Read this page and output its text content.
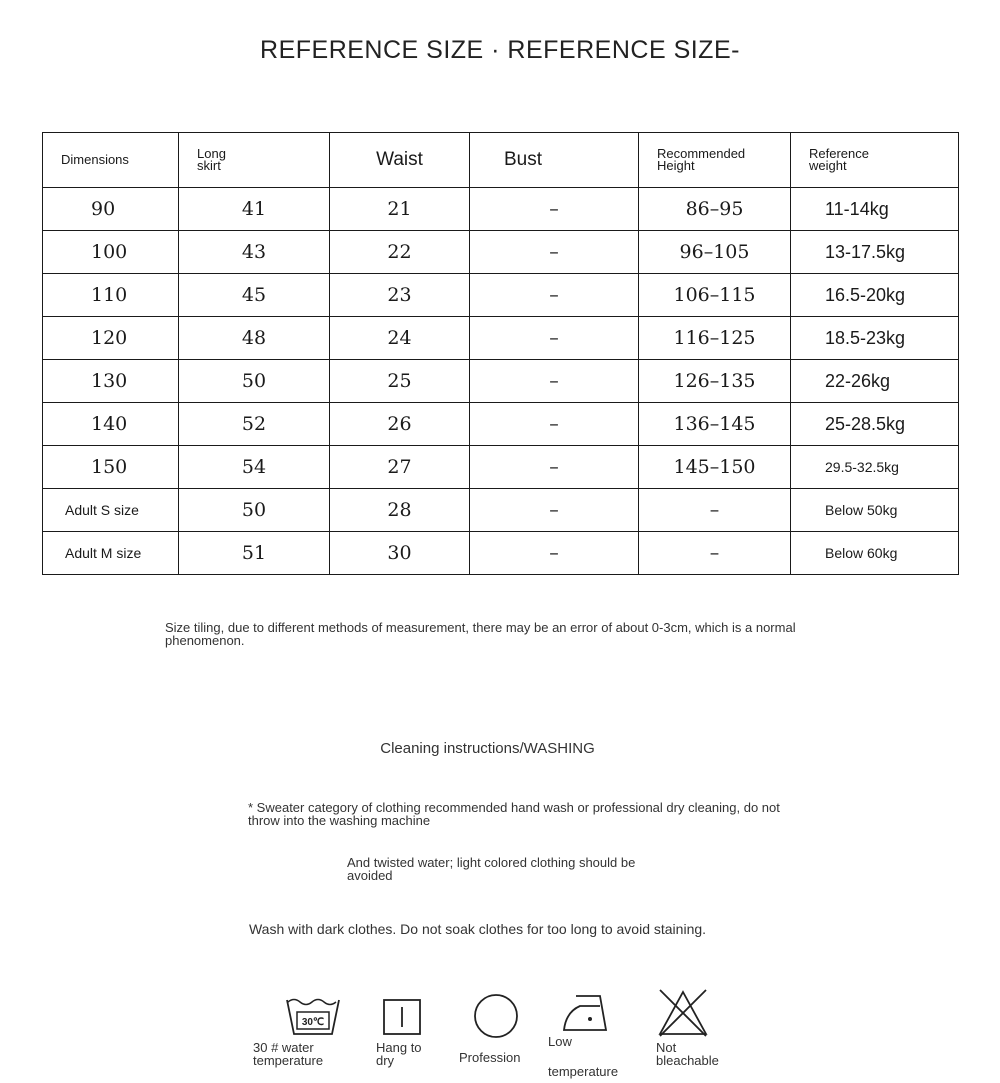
REFERENCE SIZE · REFERENCE SIZE-
Dimensions	Long skirt	Waist	Bust	Recommended Height	Reference weight
90	41	21	–	86–95	11-14kg
100	43	22	–	96–105	13-17.5kg
110	45	23	–	106–115	16.5-20kg
120	48	24	–	116–125	18.5-23kg
130	50	25	–	126–135	22-26kg
140	52	26	–	136–145	25-28.5kg
150	54	27	–	145–150	29.5-32.5kg
Adult S size	50	28	–	–	Below 50kg
Adult M size	51	30	–	–	Below 60kg
Size tiling, due to different methods of measurement, there may be an error of about 0-3cm, which is a normal phenomenon.
Cleaning instructions/WASHING
* Sweater category of clothing recommended hand wash or professional dry cleaning, do not throw into the washing machine
And twisted water; light colored clothing should be avoided
Wash with dark clothes. Do not soak clothes for too long to avoid staining.
30℃
30 # water
temperature
Hang to
dry	Profession
Low
temperature
Not
bleachable
